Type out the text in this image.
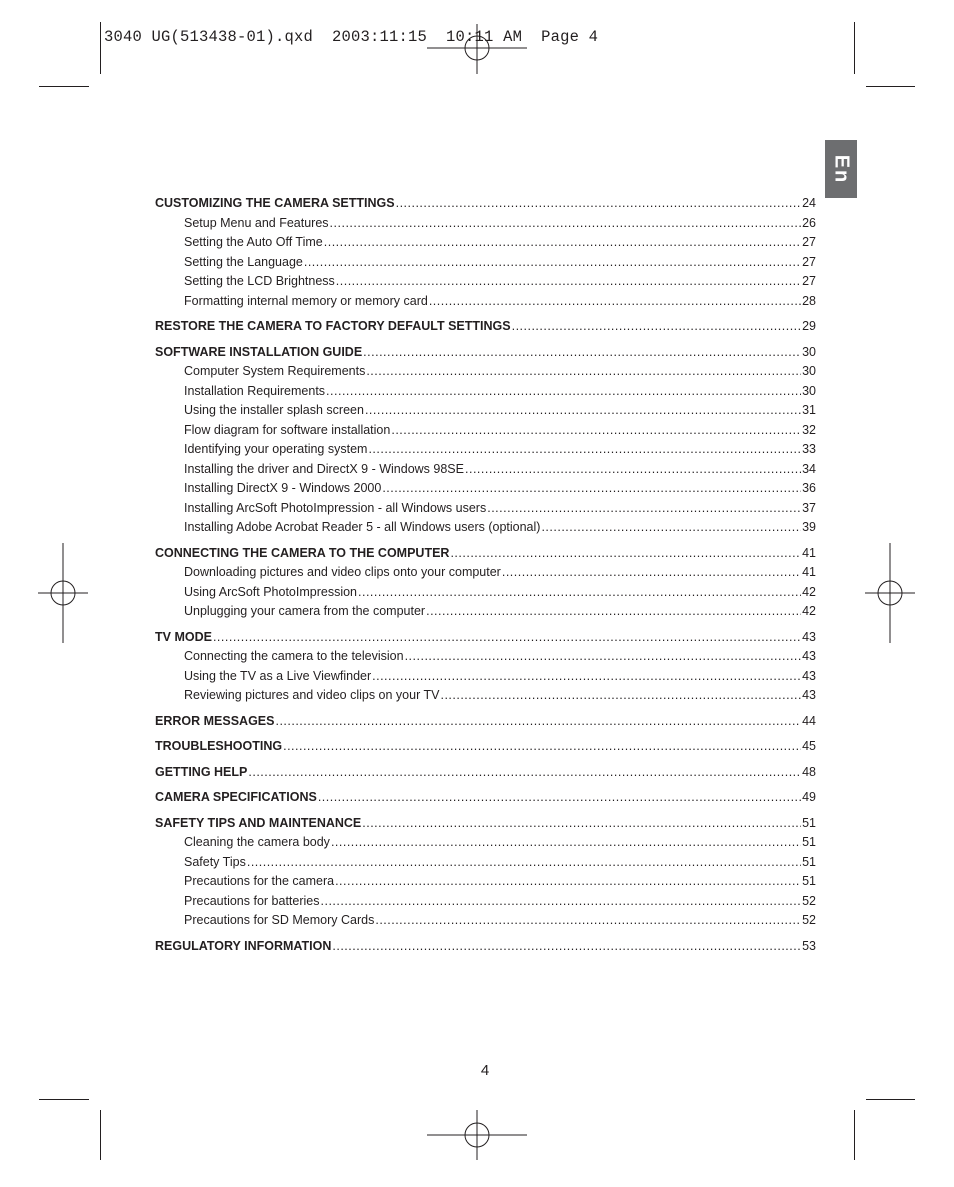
3040 UG(513438-01).qxd  2003:11:15  10:11 AM  Page 4
En
CUSTOMIZING THE CAMERA SETTINGS .....	24
Setup Menu and Features .....	26
Setting the Auto Off Time .....	27
Setting the Language .....	27
Setting the LCD Brightness .....	27
Formatting internal memory or memory card .....	28
RESTORE THE CAMERA TO FACTORY DEFAULT SETTINGS .....	29
SOFTWARE INSTALLATION GUIDE .....	30
Computer System Requirements .....	30
Installation Requirements .....	30
Using the installer splash screen .....	31
Flow diagram for software installation .....	32
Identifying your operating system .....	33
Installing the driver and DirectX 9 - Windows 98SE .....	34
Installing DirectX 9 - Windows 2000 .....	36
Installing ArcSoft PhotoImpression - all Windows users .....	37
Installing Adobe Acrobat Reader 5 - all Windows users (optional) .....	39
CONNECTING THE CAMERA TO THE COMPUTER .....	41
Downloading pictures and video clips onto your computer .....	41
Using ArcSoft PhotoImpression .....	42
Unplugging your camera from the computer .....	42
TV MODE .....	43
Connecting the camera to the television .....	43
Using the TV as a Live Viewfinder .....	43
Reviewing pictures and video clips on your TV .....	43
ERROR MESSAGES .....	44
TROUBLESHOOTING .....	45
GETTING HELP .....	48
CAMERA SPECIFICATIONS .....	49
SAFETY TIPS AND MAINTENANCE .....	51
Cleaning the camera body .....	51
Safety Tips .....	51
Precautions for the camera .....	51
Precautions for batteries .....	52
Precautions for SD Memory Cards .....	52
REGULATORY INFORMATION .....	53
4
